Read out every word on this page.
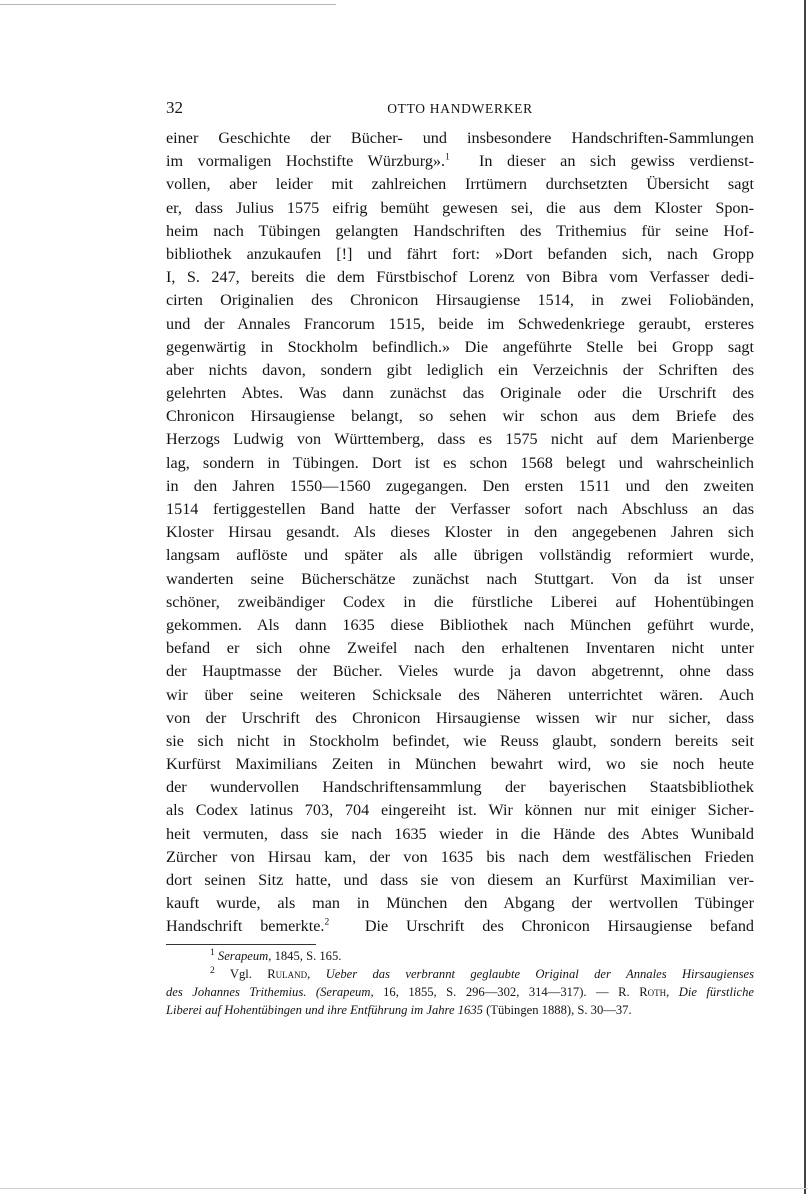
32	OTTO HANDWERKER
einer Geschichte der Bücher- und insbesondere Handschriften-Sammlungen
im vormaligen Hochstifte Würzburg».$^1$ In dieser an sich gewiss verdienst-
vollen, aber leider mit zahlreichen Irrtümern durchsetzten Übersicht sagt
er, dass Julius 1575 eifrig bemüht gewesen sei, die aus dem Kloster Spon-
heim nach Tübingen gelangten Handschriften des Trithemius für seine Hof-
bibliothek anzukaufen [!] und fährt fort: »Dort befanden sich, nach Gropp
I, S. 247, bereits die dem Fürstbischof Lorenz von Bibra vom Verfasser dedi-
cirten Originalien des Chronicon Hirsaugiense 1514, in zwei Foliobänden,
und der Annales Francorum 1515, beide im Schwedenkriege geraubt, ersteres
gegenwärtig in Stockholm befindlich.» Die angeführte Stelle bei Gropp sagt
aber nichts davon, sondern gibt lediglich ein Verzeichnis der Schriften des
gelehrten Abtes. Was dann zunächst das Originale oder die Urschrift des
Chronicon Hirsaugiense belangt, so sehen wir schon aus dem Briefe des
Herzogs Ludwig von Württemberg, dass es 1575 nicht auf dem Marienberge
lag, sondern in Tübingen. Dort ist es schon 1568 belegt und wahrscheinlich
in den Jahren 1550—1560 zugegangen. Den ersten 1511 und den zweiten
1514 fertiggestellen Band hatte der Verfasser sofort nach Abschluss an das
Kloster Hirsau gesandt. Als dieses Kloster in den angegebenen Jahren sich
langsam auflöste und später als alle übrigen vollständig reformiert wurde,
wanderten seine Bücherschätze zunächst nach Stuttgart. Von da ist unser
schöner, zweibändiger Codex in die fürstliche Liberei auf Hohentübingen
gekommen. Als dann 1635 diese Bibliothek nach München geführt wurde,
befand er sich ohne Zweifel nach den erhaltenen Inventaren nicht unter
der Hauptmasse der Bücher. Vieles wurde ja davon abgetrennt, ohne dass
wir über seine weiteren Schicksale des Näheren unterrichtet wären. Auch
von der Urschrift des Chronicon Hirsaugiense wissen wir nur sicher, dass
sie sich nicht in Stockholm befindet, wie Reuss glaubt, sondern bereits seit
Kurfürst Maximilians Zeiten in München bewahrt wird, wo sie noch heute
der wundervollen Handschriftensammlung der bayerischen Staatsbibliothek
als Codex latinus 703, 704 eingereiht ist. Wir können nur mit einiger Sicher-
heit vermuten, dass sie nach 1635 wieder in die Hände des Abtes Wunibald
Zürcher von Hirsau kam, der von 1635 bis nach dem westfälischen Frieden
dort seinen Sitz hatte, und dass sie von diesem an Kurfürst Maximilian ver-
kauft wurde, als man in München den Abgang der wertvollen Tübinger
Handschrift bemerkte.$^2$ Die Urschrift des Chronicon Hirsaugiense befand
$^1$ Serapeum, 1845, S. 165.
$^2$ Vgl. Ruland, Ueber das verbrannt geglaubte Original der Annales Hirsaugienses
des Johannes Trithemius. (Serapeum, 16, 1855, S. 296—302, 314—317). — R. Roth, Die fürstliche
Liberei auf Hohentübingen und ihre Entführung im Jahre 1635 (Tübingen 1888), S. 30—37.
